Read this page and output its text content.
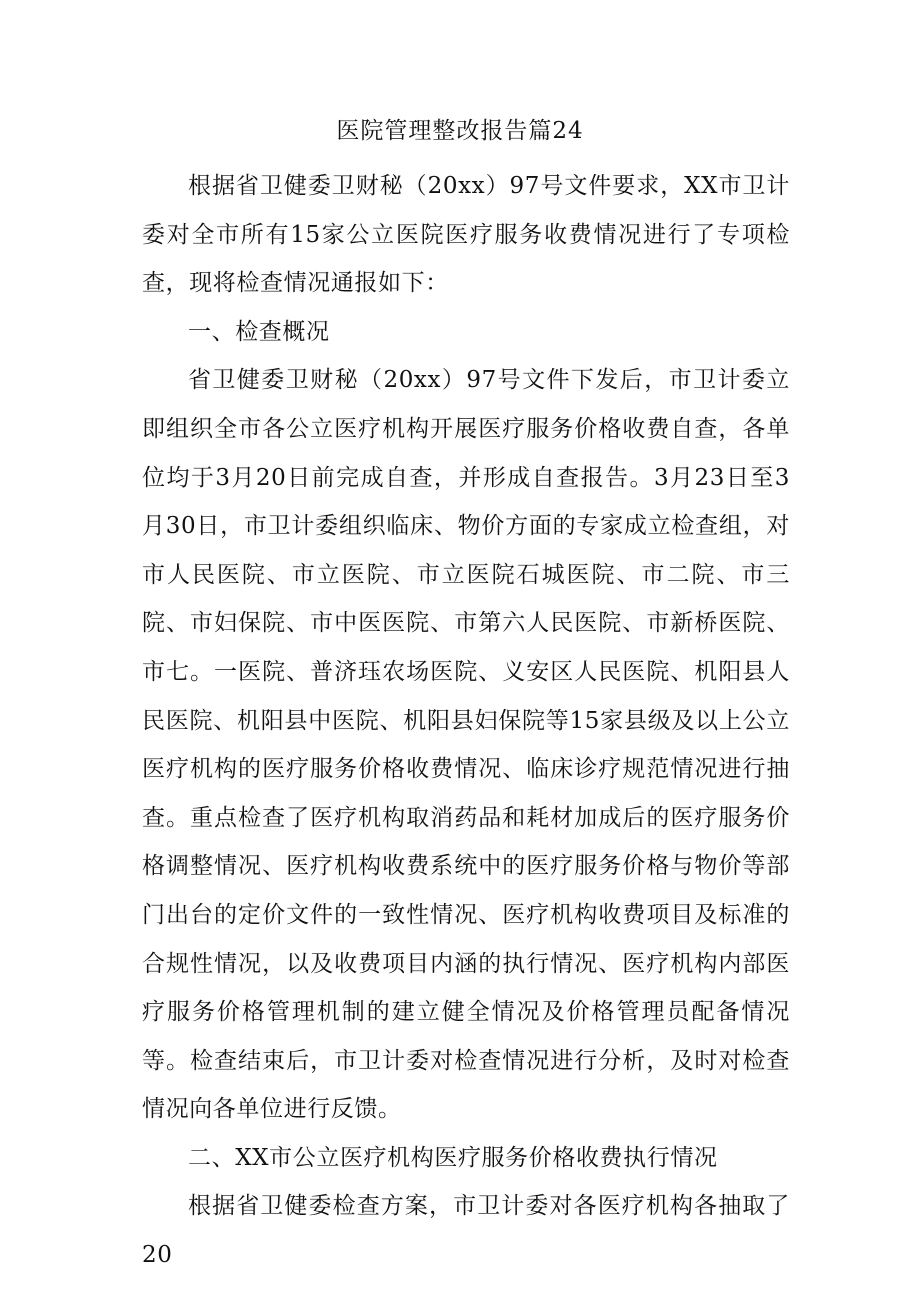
医院管理整改报告篇24

根据省卫健委卫财秘（20xx）97号文件要求，XX市卫计委对全市所有15家公立医院医疗服务收费情况进行了专项检查，现将检查情况通报如下：

一、检查概况

省卫健委卫财秘（20xx）97号文件下发后，市卫计委立即组织全市各公立医疗机构开展医疗服务价格收费自查，各单位均于3月20日前完成自查，并形成自查报告。3月23日至3月30日，市卫计委组织临床、物价方面的专家成立检查组，对市人民医院、市立医院、市立医院石城医院、市二院、市三院、市妇保院、市中医医院、市第六人民医院、市新桥医院、市七。一医院、普济珏农场医院、义安区人民医院、机阳县人民医院、机阳县中医院、机阳县妇保院等15家县级及以上公立医疗机构的医疗服务价格收费情况、临床诊疗规范情况进行抽查。重点检查了医疗机构取消药品和耗材加成后的医疗服务价格调整情况、医疗机构收费系统中的医疗服务价格与物价等部门出台的定价文件的一致性情况、医疗机构收费项目及标准的合规性情况，以及收费项目内涵的执行情况、医疗机构内部医疗服务价格管理机制的建立健全情况及价格管理员配备情况等。检查结束后，市卫计委对检查情况进行分析，及时对检查情况向各单位进行反馈。

二、XX市公立医疗机构医疗服务价格收费执行情况

根据省卫健委检查方案，市卫计委对各医疗机构各抽取了20
